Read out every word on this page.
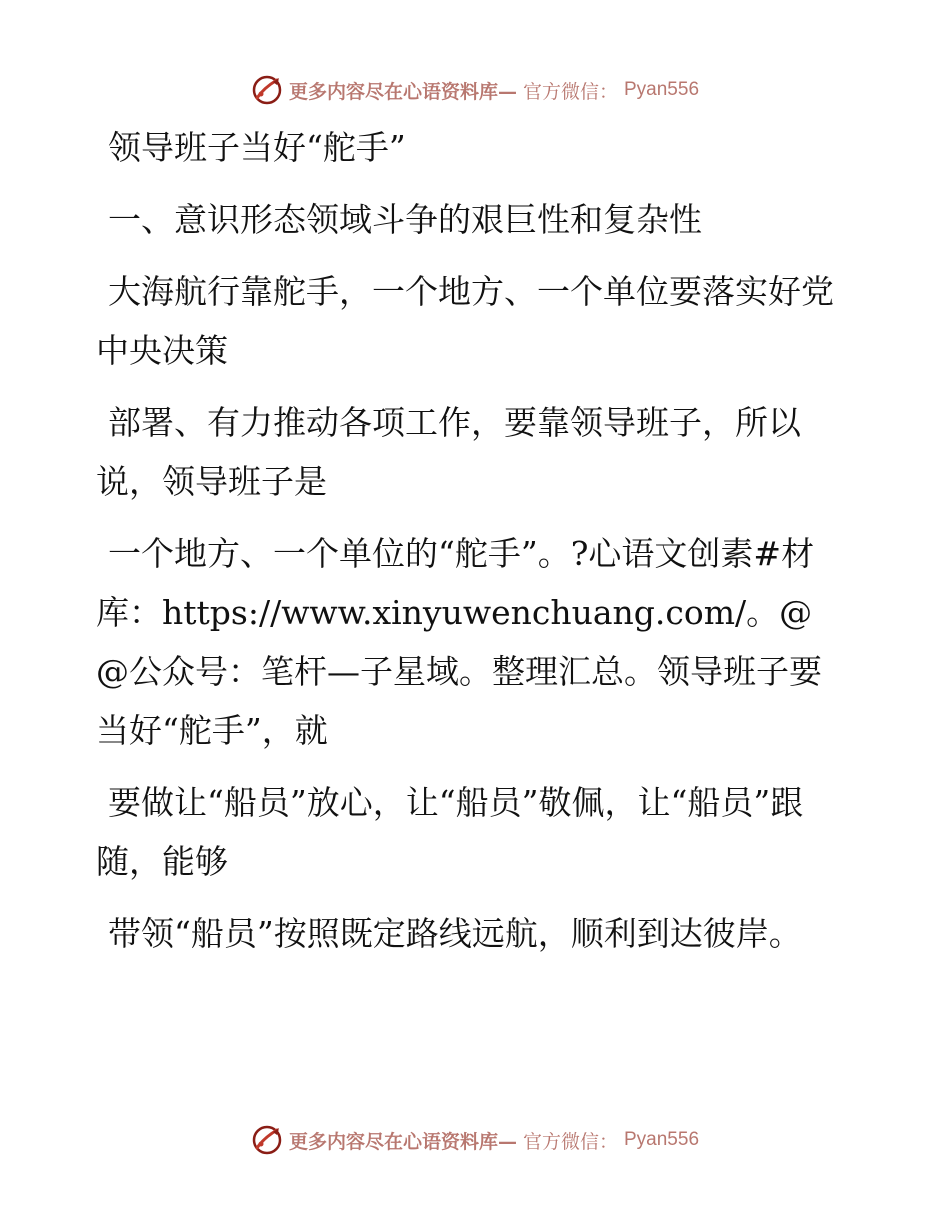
更多内容尽在心语资料库— 官方微信： Pyan556

领导班子当好“舵手”

一、意识形态领域斗争的艰巨性和复杂性

大海航行靠舵手，一个地方、一个单位要落实好党中央决策

部署、有力推动各项工作，要靠领导班子，所以说，领导班子是

一个地方、一个单位的“舵手”。?心语文创素#材库：https://www.xinyuwenchuang.com/。@@公众号：笔杆—子星域。整理汇总。领导班子要当好“舵手”，就

要做让“船员”放心，让“船员”敬佩，让“船员”跟随，能够

带领“船员”按照既定路线远航，顺利到达彼岸。

更多内容尽在心语资料库— 官方微信： Pyan556
